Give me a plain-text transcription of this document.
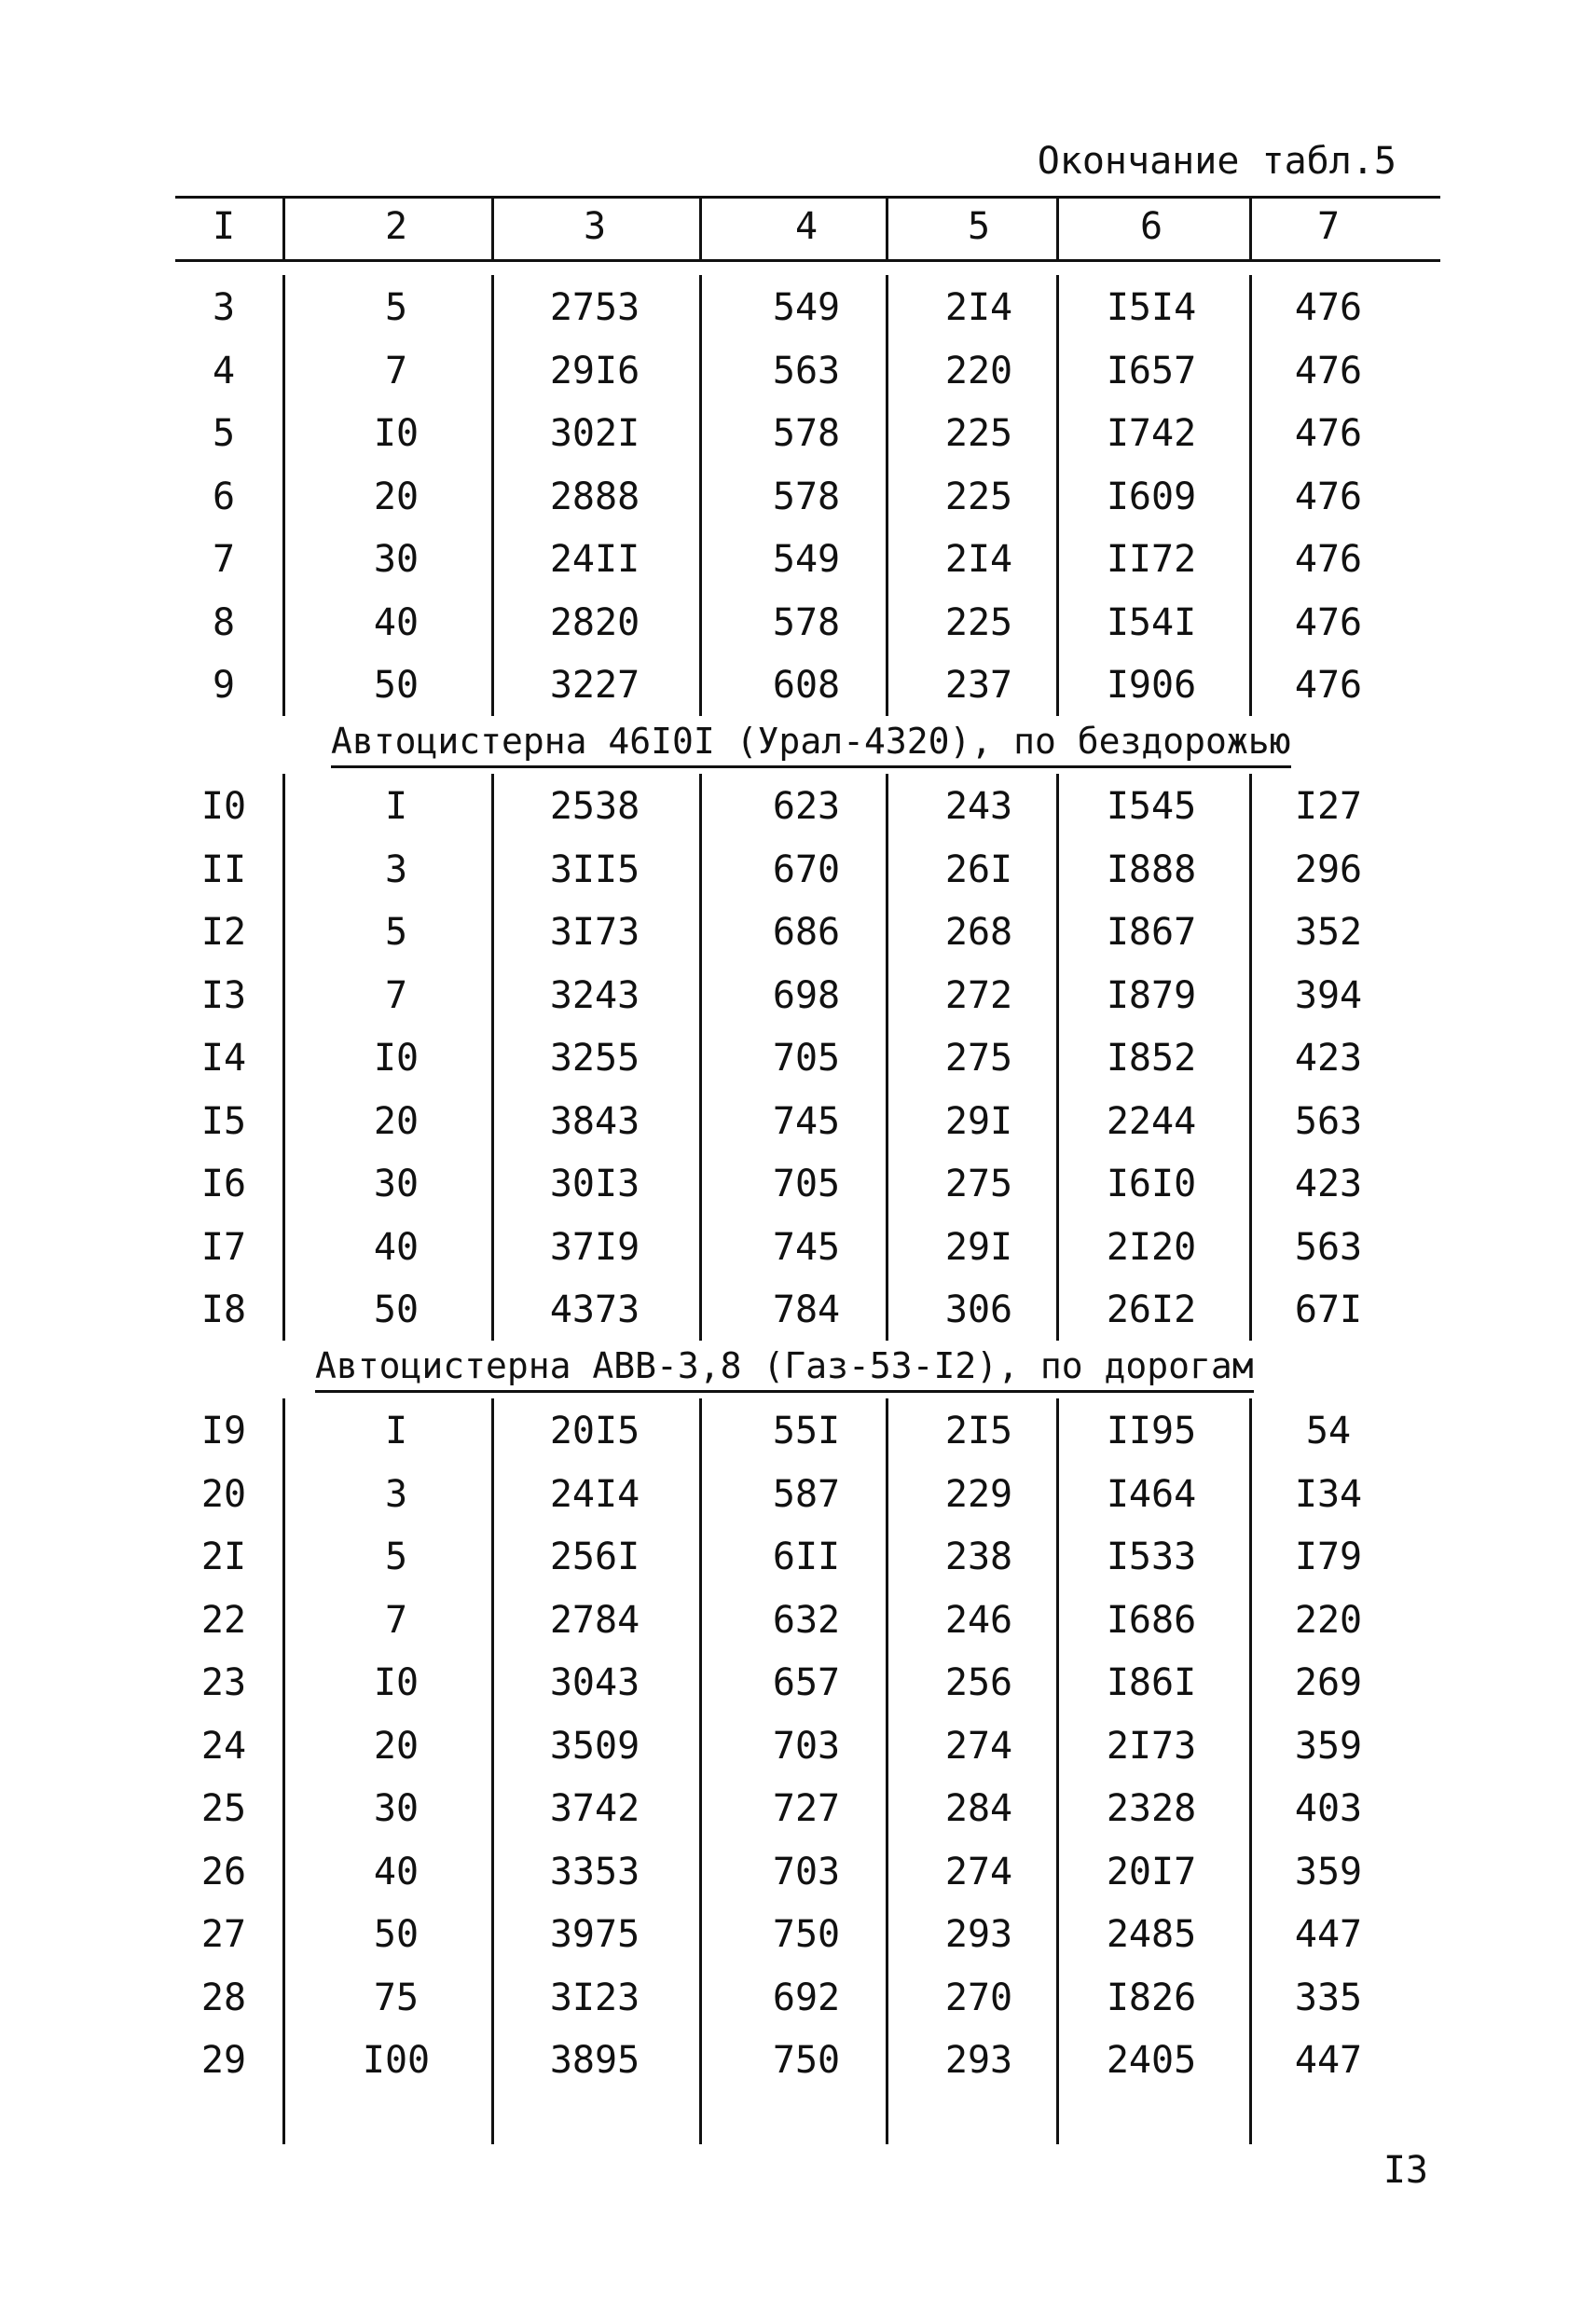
Окончание табл.5
I	2	3	4	5	6	7
3	5	2753	549	2I4	I5I4	476
4	7	29I6	563	220	I657	476
5	I0	302I	578	225	I742	476
6	20	2888	578	225	I609	476
7	30	24II	549	2I4	II72	476
8	40	2820	578	225	I54I	476
9	50	3227	608	237	I906	476
Автоцистерна 46I0I (Урал-4320), по бездорожью
I0	I	2538	623	243	I545	I27
II	3	3II5	670	26I	I888	296
I2	5	3I73	686	268	I867	352
I3	7	3243	698	272	I879	394
I4	I0	3255	705	275	I852	423
I5	20	3843	745	29I	2244	563
I6	30	30I3	705	275	I6I0	423
I7	40	37I9	745	29I	2I20	563
I8	50	4373	784	306	26I2	67I
Автоцистерна АВВ-3,8 (Газ-53-I2), по дорогам
I9	I	20I5	55I	2I5	II95	54
20	3	24I4	587	229	I464	I34
2I	5	256I	6II	238	I533	I79
22	7	2784	632	246	I686	220
23	I0	3043	657	256	I86I	269
24	20	3509	703	274	2I73	359
25	30	3742	727	284	2328	403
26	40	3353	703	274	20I7	359
27	50	3975	750	293	2485	447
28	75	3I23	692	270	I826	335
29	I00	3895	750	293	2405	447
I3
